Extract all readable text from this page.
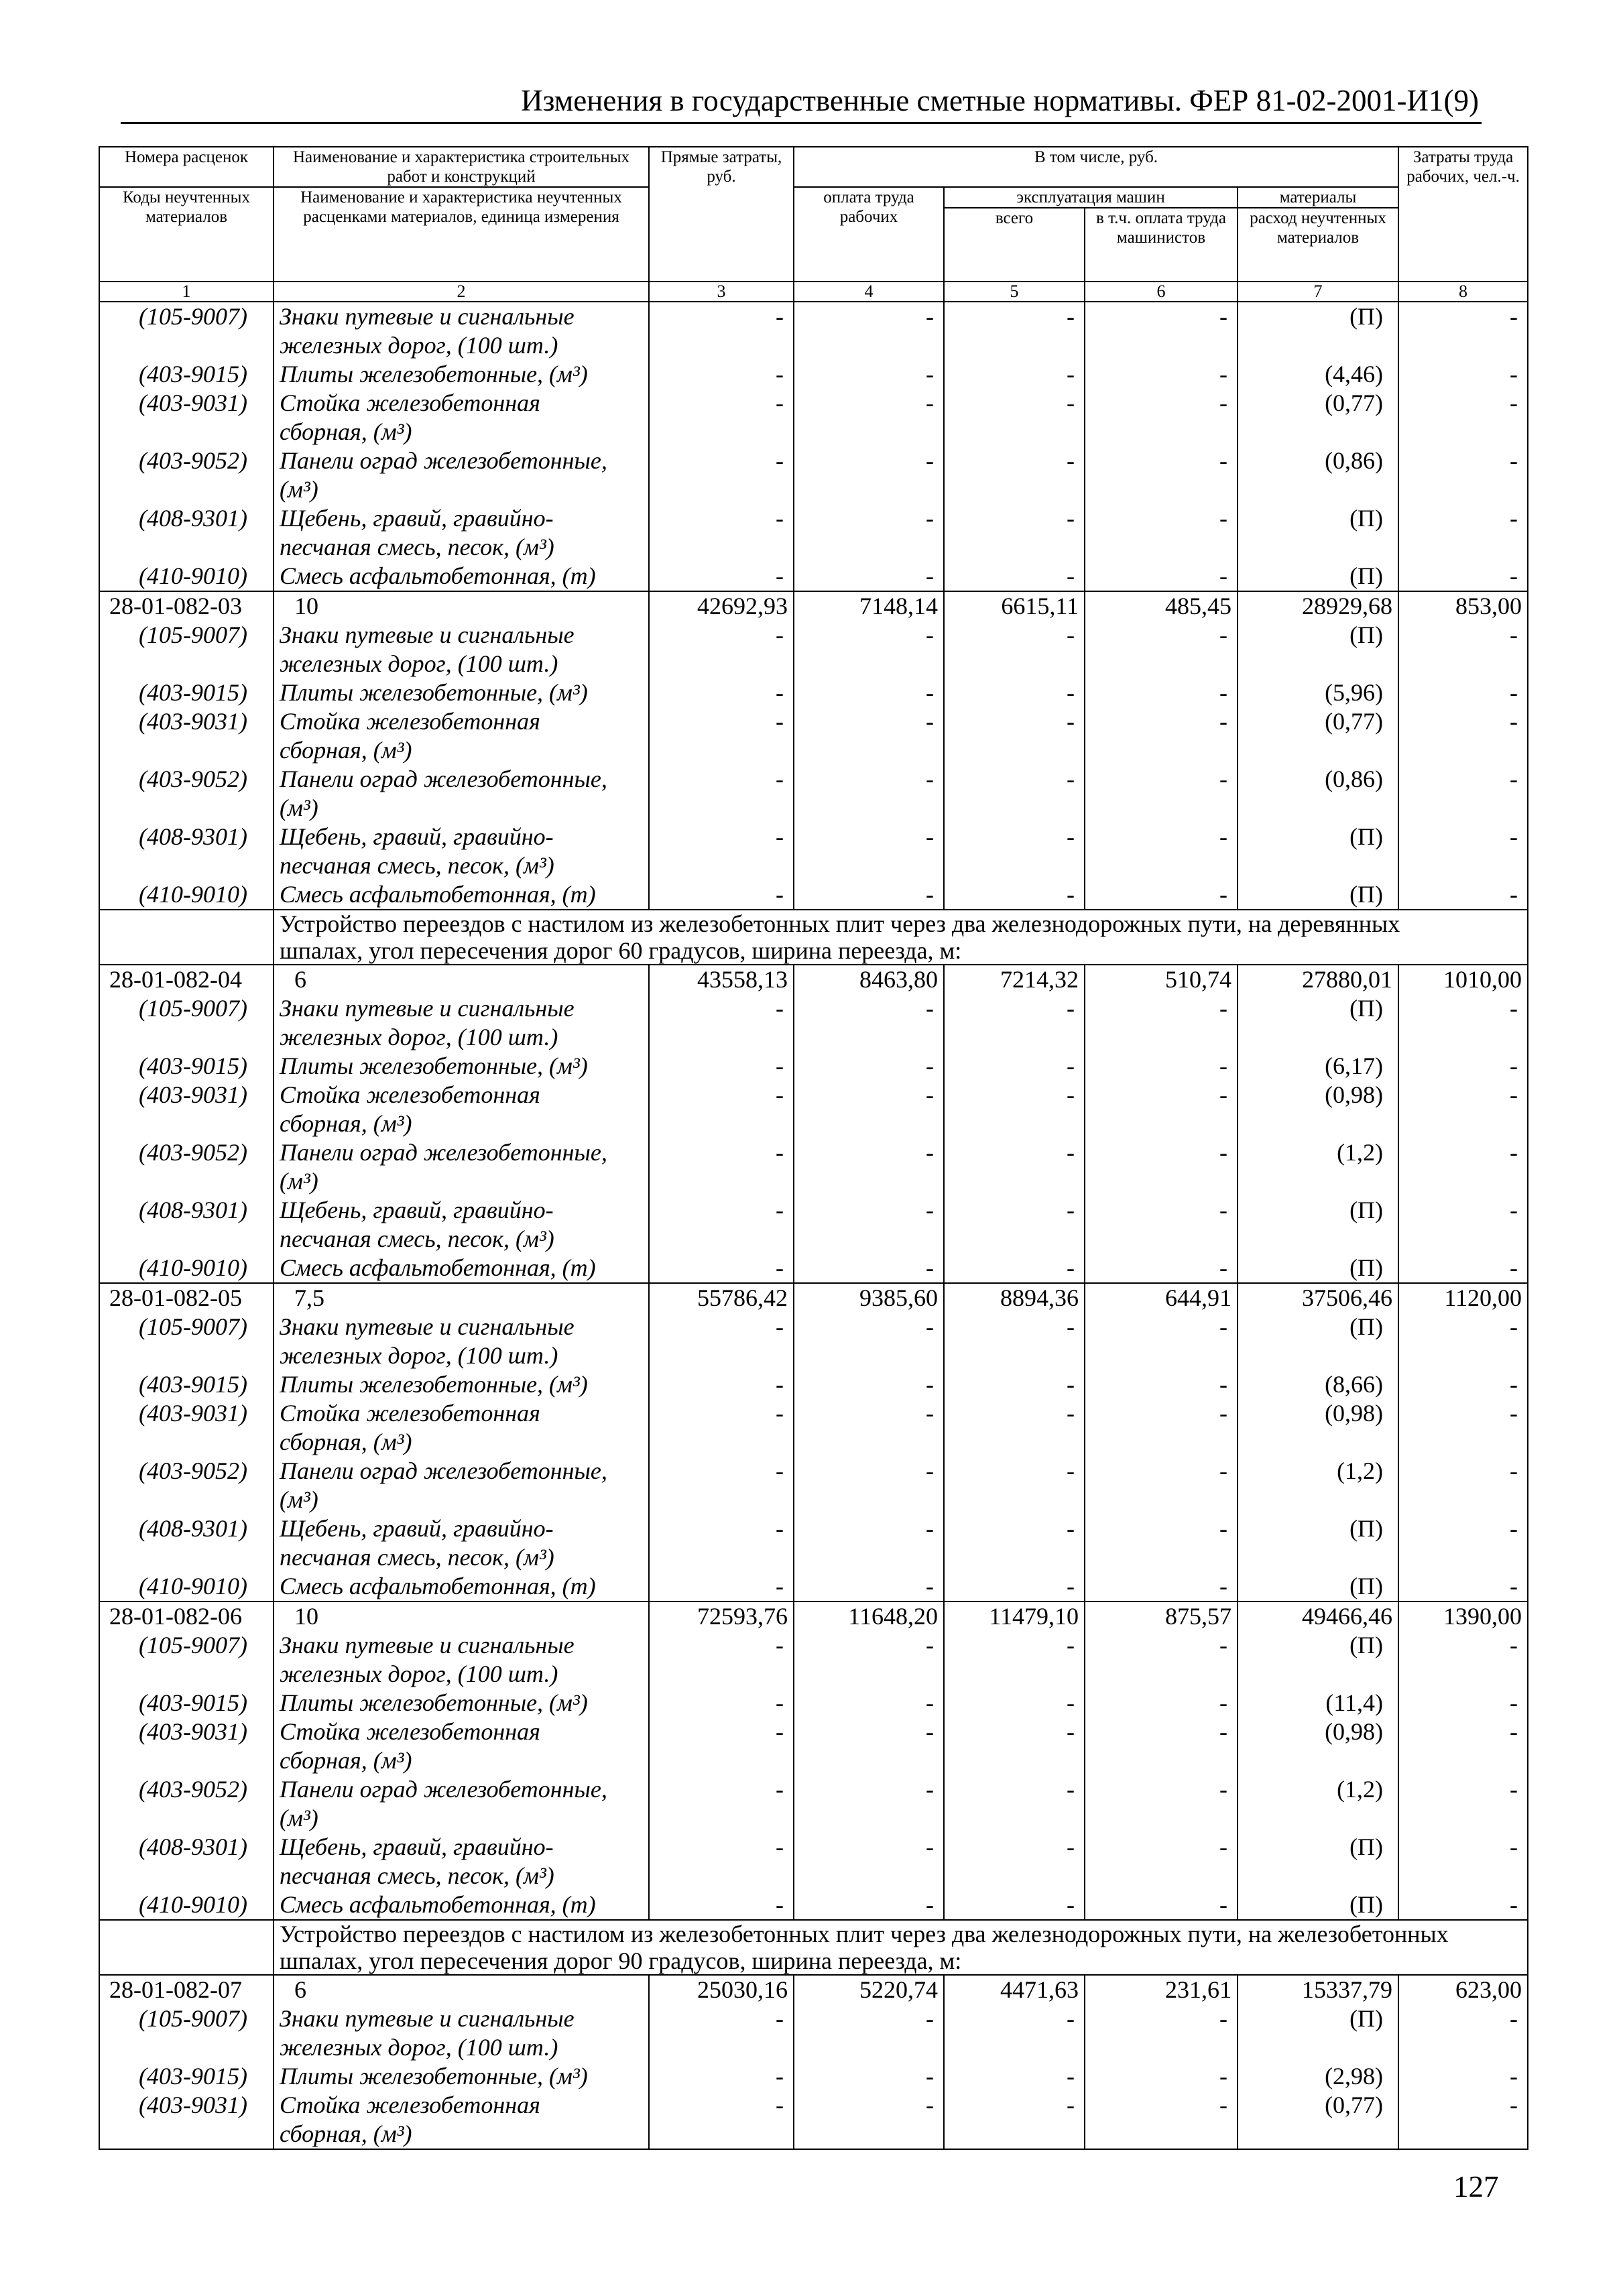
Изменения в государственные сметные нормативы. ФЕР 81-02-2001-И1(9)
Номера расценок	Наименование и характеристика строительных работ и конструкций	Прямые затраты, руб.	В том числе, руб.				Затраты труда рабочих, чел.-ч.
Коды неучтенных материалов	Наименование и характеристика неучтенных расценками материалов, единица измерения		оплата труда рабочих	эксплуатация машин		материалы	
				всего	в т.ч. оплата труда машинистов	расход неучтенных материалов	
1	2	3	4	5	6	7	8
(105-9007)	Знаки путевые и сигнальные
железных дорог, (100 шт.)	-	-	-	-	(П)	-
(403-9015)	Плиты железобетонные, (м³)	-	-	-	-	(4,46)	-
(403-9031)	Стойка железобетонная
сборная, (м³)	-	-	-	-	(0,77)	-
(403-9052)	Панели оград железобетонные,
(м³)	-	-	-	-	(0,86)	-
(408-9301)	Щебень, гравий, гравийно-
песчаная смесь, песок, (м³)	-	-	-	-	(П)	-
(410-9010)	Смесь асфальтобетонная, (т)	-	-	-	-	(П)	-
28-01-082-03	10	42692,93	7148,14	6615,11	485,45	28929,68	853,00
(105-9007)	Знаки путевые и сигнальные
железных дорог, (100 шт.)	-	-	-	-	(П)	-
(403-9015)	Плиты железобетонные, (м³)	-	-	-	-	(5,96)	-
(403-9031)	Стойка железобетонная
сборная, (м³)	-	-	-	-	(0,77)	-
(403-9052)	Панели оград железобетонные,
(м³)	-	-	-	-	(0,86)	-
(408-9301)	Щебень, гравий, гравийно-
песчаная смесь, песок, (м³)	-	-	-	-	(П)	-
(410-9010)	Смесь асфальтобетонная, (т)	-	-	-	-	(П)	-

	Устройство переездов с настилом из железобетонных плит через два железнодорожных пути, на деревянных
шпалах, угол пересечения дорог 60 градусов, ширина переезда, м:						

28-01-082-04	6	43558,13	8463,80	7214,32	510,74	27880,01	1010,00
(105-9007)	Знаки путевые и сигнальные
железных дорог, (100 шт.)	-	-	-	-	(П)	-
(403-9015)	Плиты железобетонные, (м³)	-	-	-	-	(6,17)	-
(403-9031)	Стойка железобетонная
сборная, (м³)	-	-	-	-	(0,98)	-
(403-9052)	Панели оград железобетонные,
(м³)	-	-	-	-	(1,2)	-
(408-9301)	Щебень, гравий, гравийно-
песчаная смесь, песок, (м³)	-	-	-	-	(П)	-
(410-9010)	Смесь асфальтобетонная, (т)	-	-	-	-	(П)	-
28-01-082-05	7,5	55786,42	9385,60	8894,36	644,91	37506,46	1120,00
(105-9007)	Знаки путевые и сигнальные
железных дорог, (100 шт.)	-	-	-	-	(П)	-
(403-9015)	Плиты железобетонные, (м³)	-	-	-	-	(8,66)	-
(403-9031)	Стойка железобетонная
сборная, (м³)	-	-	-	-	(0,98)	-
(403-9052)	Панели оград железобетонные,
(м³)	-	-	-	-	(1,2)	-
(408-9301)	Щебень, гравий, гравийно-
песчаная смесь, песок, (м³)	-	-	-	-	(П)	-
(410-9010)	Смесь асфальтобетонная, (т)	-	-	-	-	(П)	-
28-01-082-06	10	72593,76	11648,20	11479,10	875,57	49466,46	1390,00
(105-9007)	Знаки путевые и сигнальные
железных дорог, (100 шт.)	-	-	-	-	(П)	-
(403-9015)	Плиты железобетонные, (м³)	-	-	-	-	(11,4)	-
(403-9031)	Стойка железобетонная
сборная, (м³)	-	-	-	-	(0,98)	-
(403-9052)	Панели оград железобетонные,
(м³)	-	-	-	-	(1,2)	-
(408-9301)	Щебень, гравий, гравийно-
песчаная смесь, песок, (м³)	-	-	-	-	(П)	-
(410-9010)	Смесь асфальтобетонная, (т)	-	-	-	-	(П)	-

	Устройство переездов с настилом из железобетонных плит через два железнодорожных пути, на железобетонных
шпалах, угол пересечения дорог 90 градусов, ширина переезда, м:						

28-01-082-07	6	25030,16	5220,74	4471,63	231,61	15337,79	623,00
(105-9007)	Знаки путевые и сигнальные
железных дорог, (100 шт.)	-	-	-	-	(П)	-
(403-9015)	Плиты железобетонные, (м³)	-	-	-	-	(2,98)	-
(403-9031)	Стойка железобетонная
сборная, (м³)	-	-	-	-	(0,77)	-
127
